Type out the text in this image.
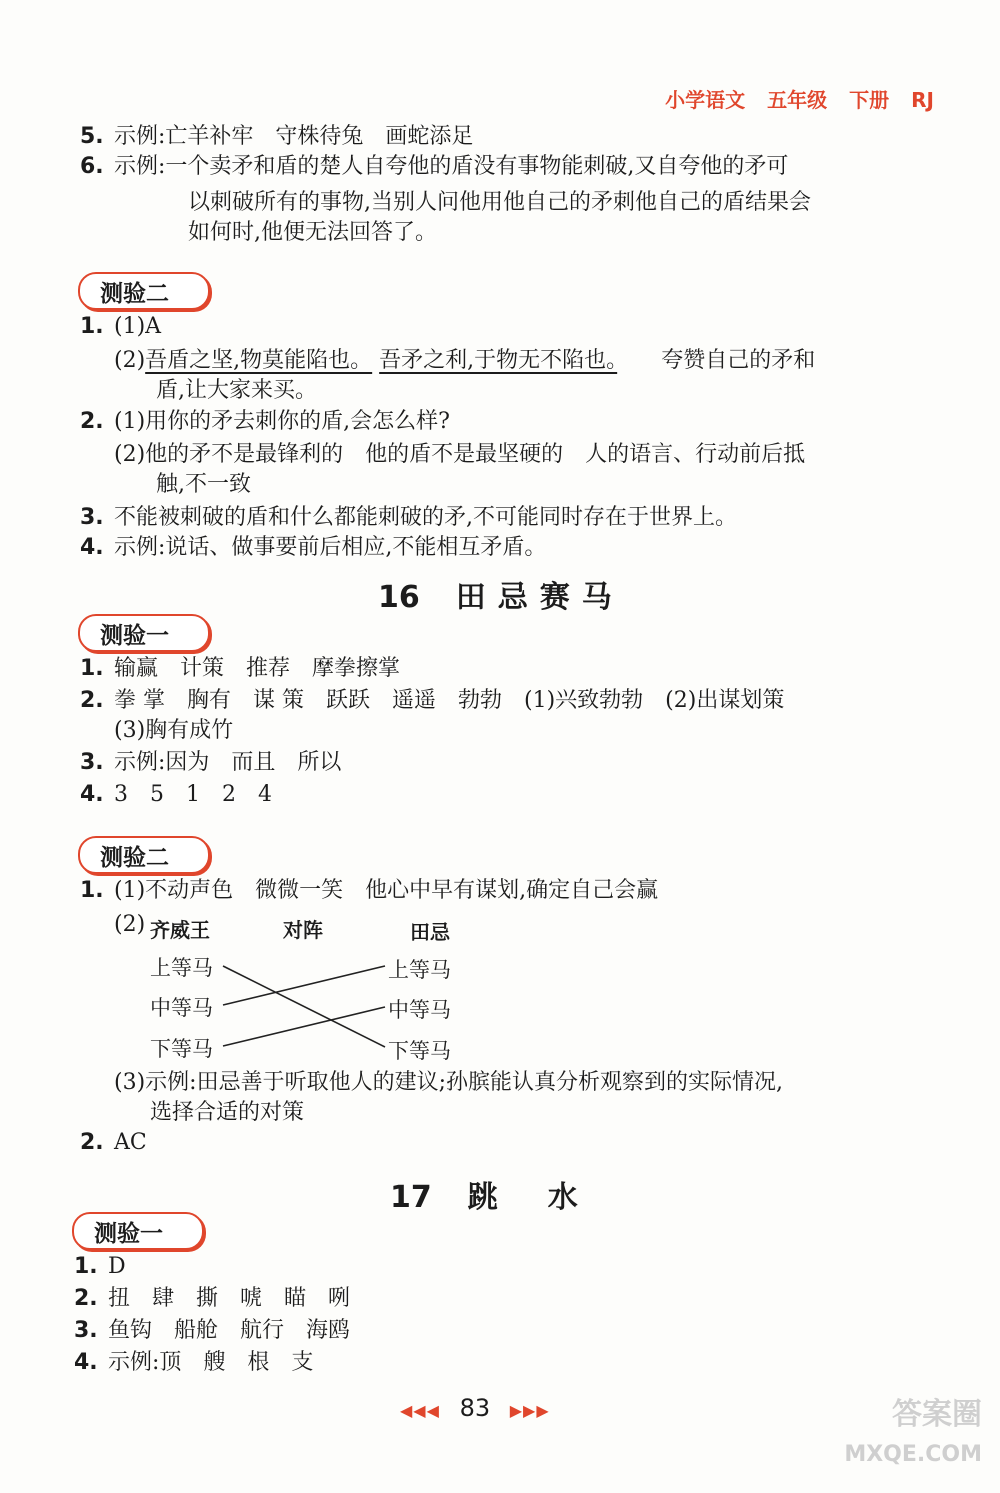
小学语文 五年级 下册 RJ
5. 示例:亡羊补牢　守株待兔　画蛇添足
6. 示例:一个卖矛和盾的楚人自夸他的盾没有事物能刺破,又自夸他的矛可
以刺破所有的事物,当别人问他用他自己的矛刺他自己的盾结果会
如何时,他便无法回答了。
测验二
1. (1)A
(2)吾盾之坚,物莫能陷也。 吾矛之利,于物无不陷也。　　 夸赞自己的矛和
盾,让大家来买。
2. (1)用你的矛去刺你的盾,会怎么样?
(2)他的矛不是最锋利的　他的盾不是最坚硬的　人的语言、行动前后抵
触,不一致
3. 不能被刺破的盾和什么都能刺破的矛,不可能同时存在于世界上。
4. 示例:说话、做事要前后相应,不能相互矛盾。
16 田忌赛马
测验一
1. 输赢　计策　推荐　摩拳擦掌
2. 拳 掌　胸有　谋 策　跃跃　遥遥　勃勃　(1)兴致勃勃　(2)出谋划策
(3)胸有成竹
3. 示例:因为　而且　所以
4. 3　5　1　2　4
测验二
1. (1)不动声色　微微一笑　他心中早有谋划,确定自己会赢
(2) 齐威王	对阵	田忌
上等马
中等马
下等马
上等马
中等马
下等马
(3)示例:田忌善于听取他人的建议;孙膑能认真分析观察到的实际情况,
选择合适的对策
2. AC
17 跳　水
测验一
1. D
2. 扭　肆　撕　唬　瞄　咧
3. 鱼钩　船舱　航行　海鸥
4. 示例:顶　艘　根　支
◀◀◀ 83 ▶▶▶	答案圈
MXQE.COM
